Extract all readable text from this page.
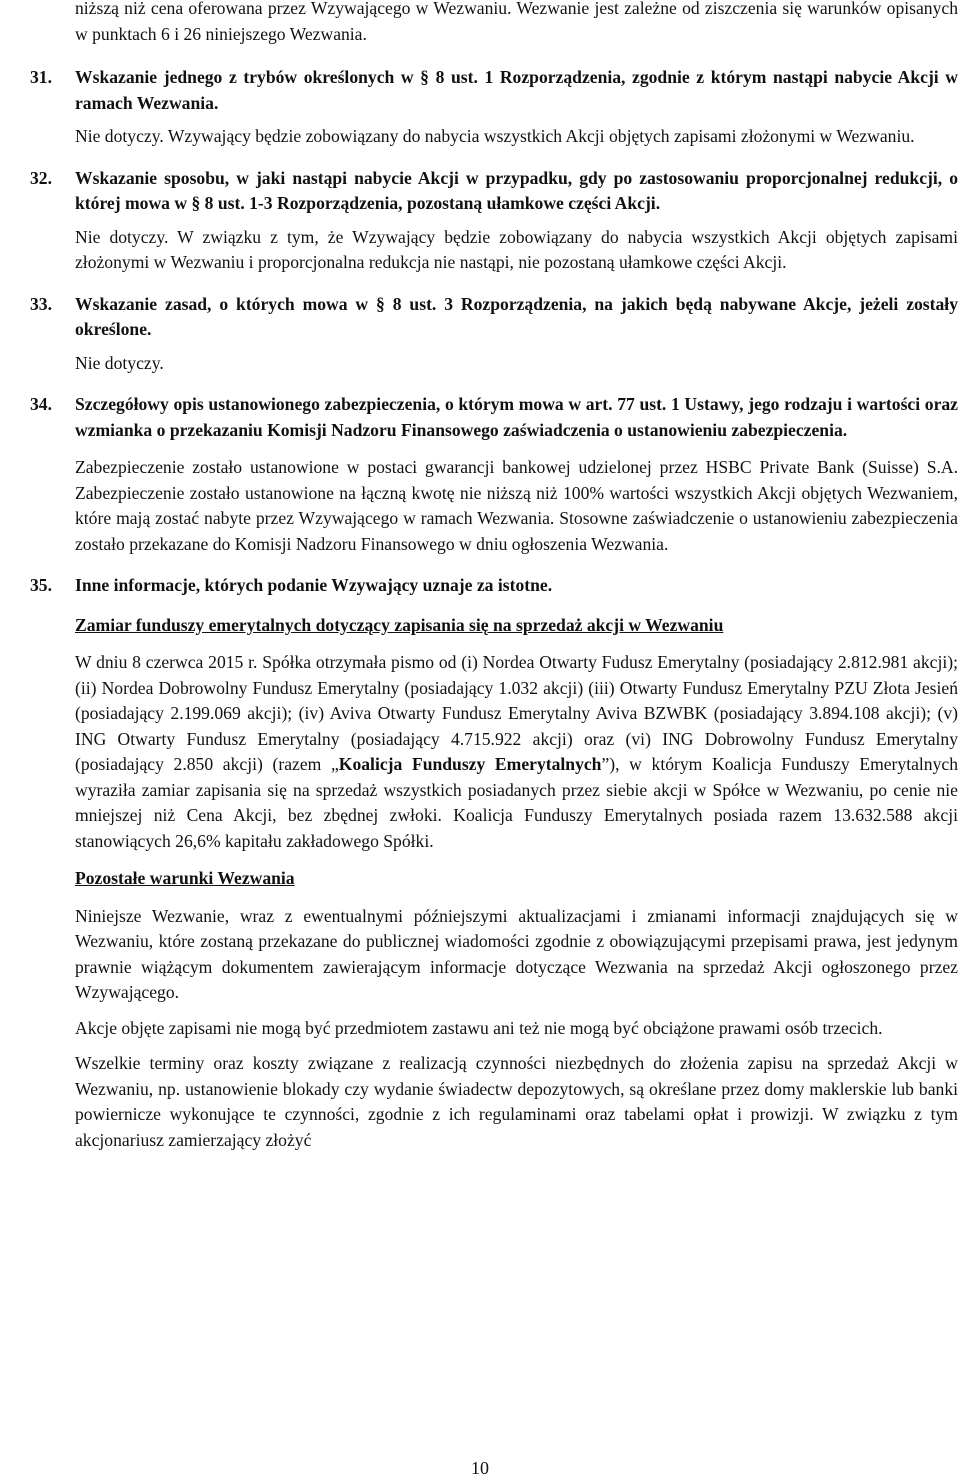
niższą niż cena oferowana przez Wzywającego w Wezwaniu. Wezwanie jest zależne od ziszczenia się warunków opisanych w punktach 6 i 26 niniejszego Wezwania.

31. Wskazanie jednego z trybów określonych w § 8 ust. 1 Rozporządzenia, zgodnie z którym nastąpi nabycie Akcji w ramach Wezwania.
Nie dotyczy. Wzywający będzie zobowiązany do nabycia wszystkich Akcji objętych zapisami złożonymi w Wezwaniu.
32. Wskazanie sposobu, w jaki nastąpi nabycie Akcji w przypadku, gdy po zastosowaniu proporcjonalnej redukcji, o której mowa w § 8 ust. 1-3 Rozporządzenia, pozostaną ułamkowe części Akcji.
Nie dotyczy. W związku z tym, że Wzywający będzie zobowiązany do nabycia wszystkich Akcji objętych zapisami złożonymi w Wezwaniu i proporcjonalna redukcja nie nastąpi, nie pozostaną ułamkowe części Akcji.
33. Wskazanie zasad, o których mowa w § 8 ust. 3 Rozporządzenia, na jakich będą nabywane Akcje, jeżeli zostały określone.
Nie dotyczy.
34. Szczegółowy opis ustanowionego zabezpieczenia, o którym mowa w art. 77 ust. 1 Ustawy, jego rodzaju i wartości oraz wzmianka o przekazaniu Komisji Nadzoru Finansowego zaświadczenia o ustanowieniu zabezpieczenia.
Zabezpieczenie zostało ustanowione w postaci gwarancji bankowej udzielonej przez HSBC Private Bank (Suisse) S.A. Zabezpieczenie zostało ustanowione na łączną kwotę nie niższą niż 100% wartości wszystkich Akcji objętych Wezwaniem, które mają zostać nabyte przez Wzywającego w ramach Wezwania. Stosowne zaświadczenie o ustanowieniu zabezpieczenia zostało przekazane do Komisji Nadzoru Finansowego w dniu ogłoszenia Wezwania.
35. Inne informacje, których podanie Wzywający uznaje za istotne.
Zamiar funduszy emerytalnych dotyczący zapisania się na sprzedaż akcji w Wezwaniu

W dniu 8 czerwca 2015 r. Spółka otrzymała pismo od (i) Nordea Otwarty Fudusz Emerytalny (posiadający 2.812.981 akcji); (ii) Nordea Dobrowolny Fundusz Emerytalny (posiadający 1.032 akcji) (iii) Otwarty Fundusz Emerytalny PZU Złota Jesień (posiadający 2.199.069 akcji); (iv) Aviva Otwarty Fundusz Emerytalny Aviva BZWBK (posiadający 3.894.108 akcji); (v) ING Otwarty Fundusz Emerytalny (posiadający 4.715.922 akcji) oraz (vi) ING Dobrowolny Fundusz Emerytalny (posiadający 2.850 akcji) (razem „Koalicja Funduszy Emerytalnych”), w którym Koalicja Funduszy Emerytalnych wyraziła zamiar zapisania się na sprzedaż wszystkich posiadanych przez siebie akcji w Spółce w Wezwaniu, po cenie nie mniejszej niż Cena Akcji, bez zbędnej zwłoki. Koalicja Funduszy Emerytalnych posiada razem 13.632.588 akcji stanowiących 26,6% kapitału zakładowego Spółki.

Pozostałe warunki Wezwania

Niniejsze Wezwanie, wraz z ewentualnymi późniejszymi aktualizacjami i zmianami informacji znajdujących się w Wezwaniu, które zostaną przekazane do publicznej wiadomości zgodnie z obowiązującymi przepisami prawa, jest jedynym prawnie wiążącym dokumentem zawierającym informacje dotyczące Wezwania na sprzedaż Akcji ogłoszonego przez Wzywającego.

Akcje objęte zapisami nie mogą być przedmiotem zastawu ani też nie mogą być obciążone prawami osób trzecich.

Wszelkie terminy oraz koszty związane z realizacją czynności niezbędnych do złożenia zapisu na sprzedaż Akcji w Wezwaniu, np. ustanowienie blokady czy wydanie świadectw depozytowych, są określane przez domy maklerskie lub banki powiernicze wykonujące te czynności, zgodnie z ich regulaminami oraz tabelami opłat i prowizji. W związku z tym akcjonariusz zamierzający złożyć

10
